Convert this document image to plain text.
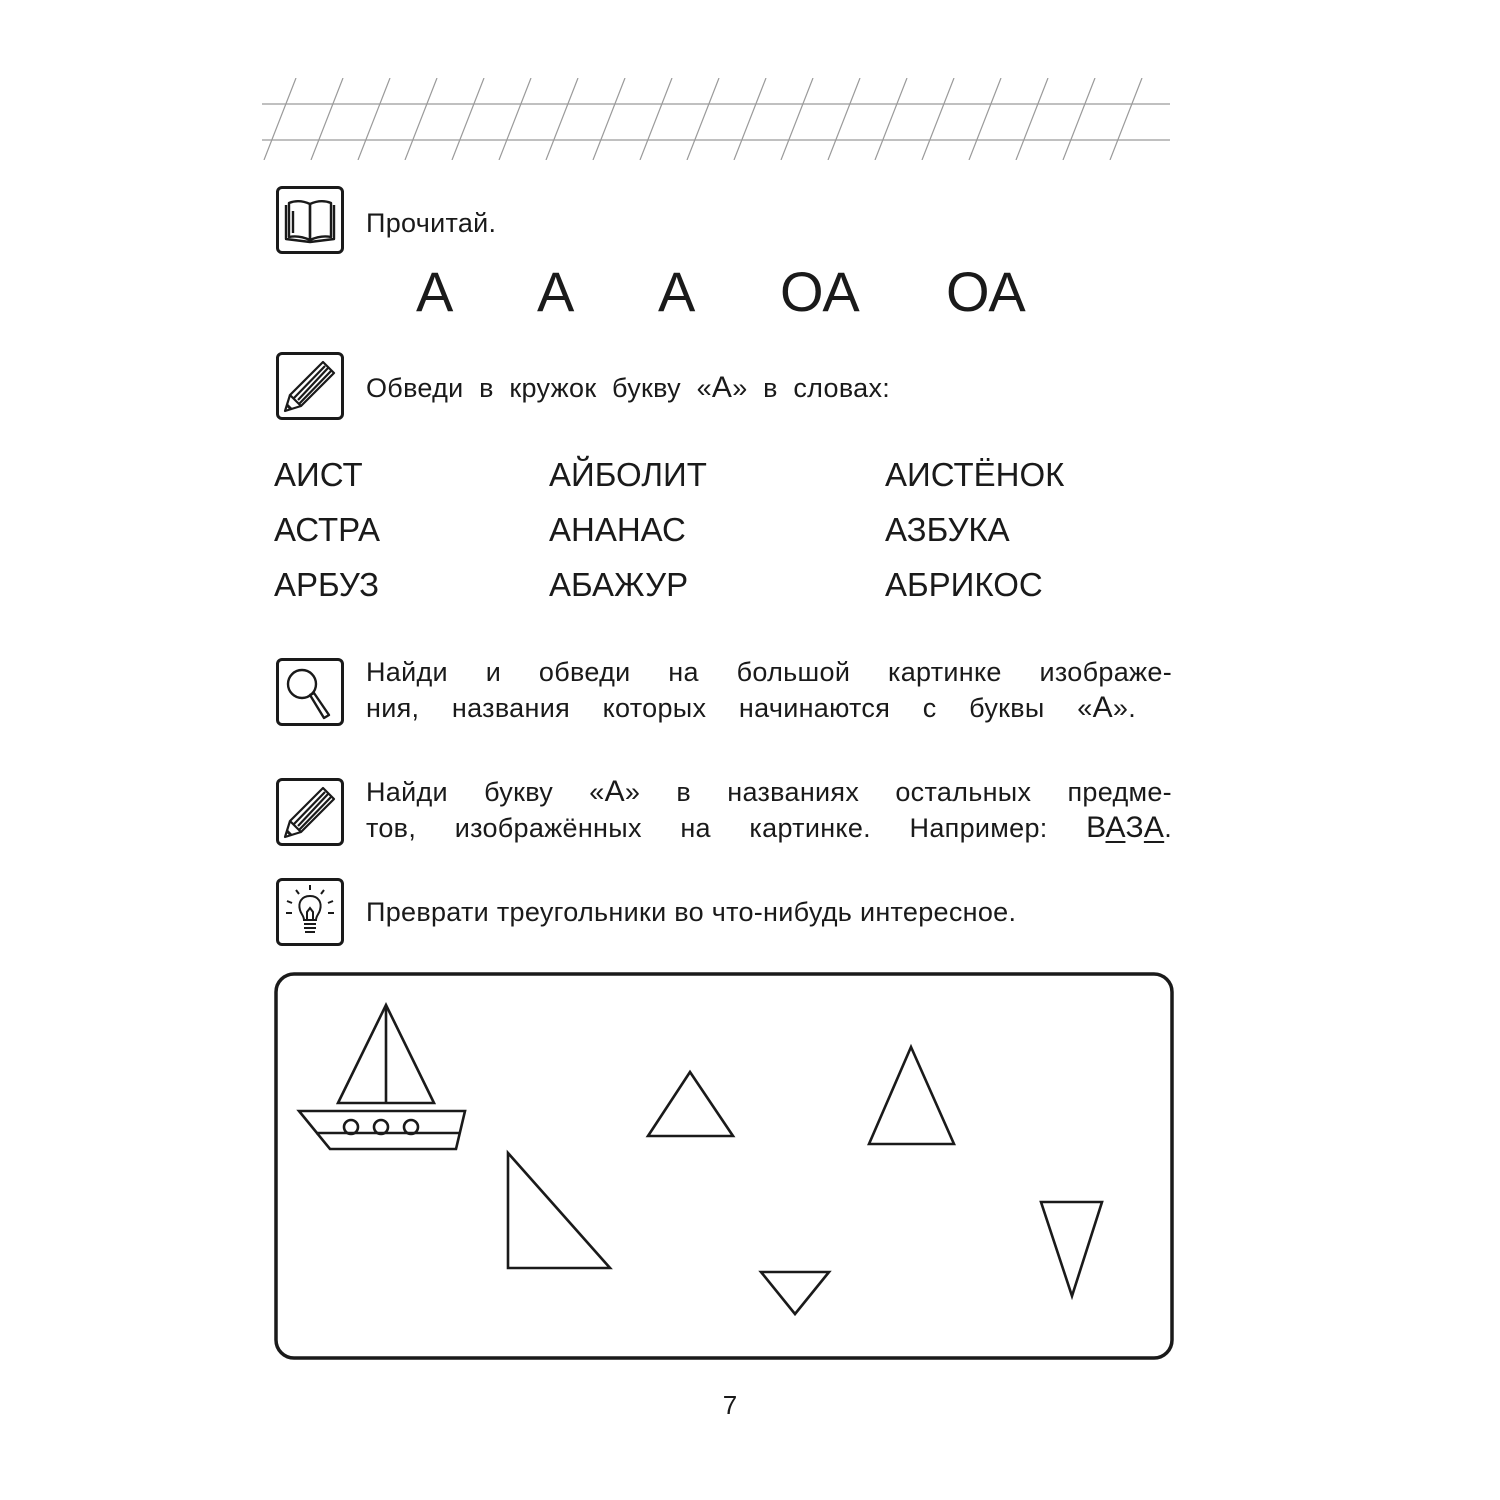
Прочитай.
А А А ОА ОА
Обведи  в  кружок  букву  «А»  в  словах:
АИСТ	АЙБОЛИТ	АИСТЁНОК
АСТРА	АНАНАС	АЗБУКА
АРБУЗ	АБАЖУР	АБРИКОС
Найди и обведи на большой картинке изображе-
ния, названия которых начинаются с буквы «А».
Найди букву «А» в названиях остальных предме-
тов, изображённых на картинке. Например: ВАЗА.
Преврати треугольники во что-нибудь интересное.
7
